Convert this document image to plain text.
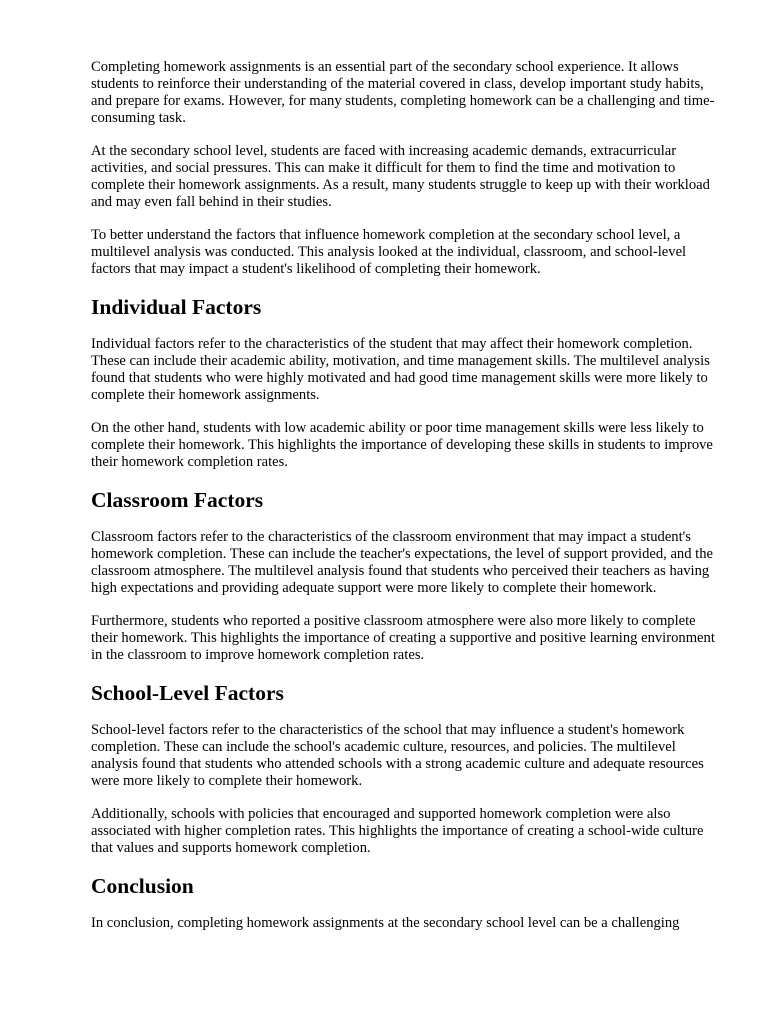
Completing homework assignments is an essential part of the secondary school experience. It allows students to reinforce their understanding of the material covered in class, develop important study habits, and prepare for exams. However, for many students, completing homework can be a challenging and time-consuming task.

At the secondary school level, students are faced with increasing academic demands, extracurricular activities, and social pressures. This can make it difficult for them to find the time and motivation to complete their homework assignments. As a result, many students struggle to keep up with their workload and may even fall behind in their studies.

To better understand the factors that influence homework completion at the secondary school level, a multilevel analysis was conducted. This analysis looked at the individual, classroom, and school-level factors that may impact a student's likelihood of completing their homework.

Individual Factors

Individual factors refer to the characteristics of the student that may affect their homework completion. These can include their academic ability, motivation, and time management skills. The multilevel analysis found that students who were highly motivated and had good time management skills were more likely to complete their homework assignments.

On the other hand, students with low academic ability or poor time management skills were less likely to complete their homework. This highlights the importance of developing these skills in students to improve their homework completion rates.

Classroom Factors

Classroom factors refer to the characteristics of the classroom environment that may impact a student's homework completion. These can include the teacher's expectations, the level of support provided, and the classroom atmosphere. The multilevel analysis found that students who perceived their teachers as having high expectations and providing adequate support were more likely to complete their homework.

Furthermore, students who reported a positive classroom atmosphere were also more likely to complete their homework. This highlights the importance of creating a supportive and positive learning environment in the classroom to improve homework completion rates.

School-Level Factors

School-level factors refer to the characteristics of the school that may influence a student's homework completion. These can include the school's academic culture, resources, and policies. The multilevel analysis found that students who attended schools with a strong academic culture and adequate resources were more likely to complete their homework.

Additionally, schools with policies that encouraged and supported homework completion were also associated with higher completion rates. This highlights the importance of creating a school-wide culture that values and supports homework completion.

Conclusion

In conclusion, completing homework assignments at the secondary school level can be a challenging
